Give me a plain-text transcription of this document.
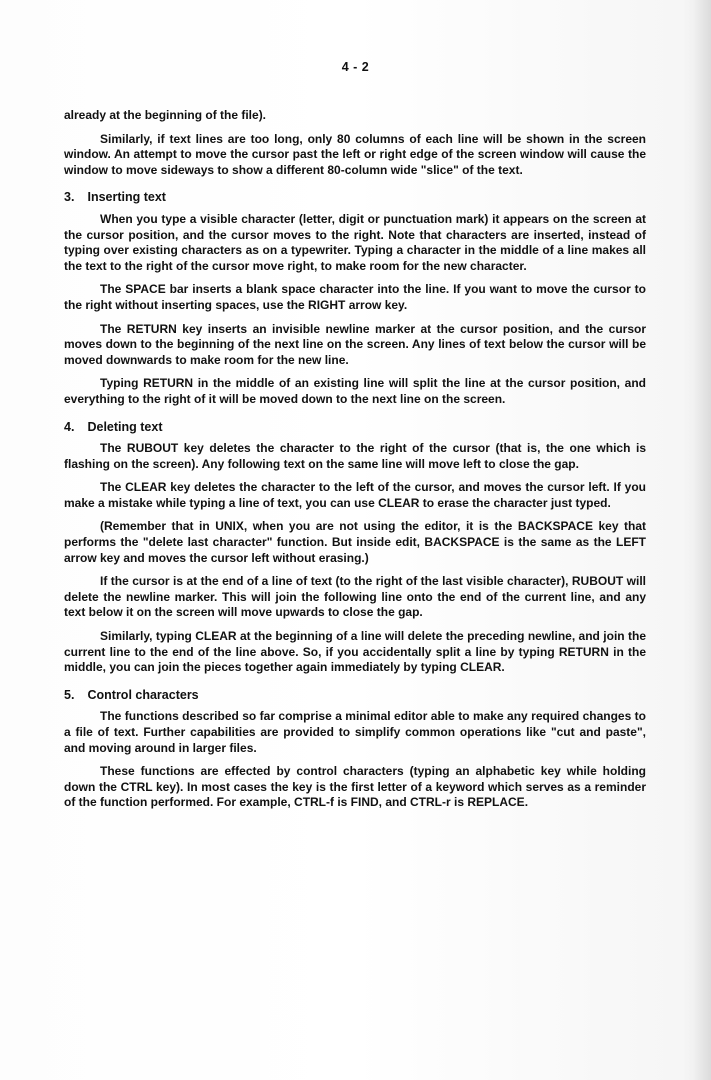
4 - 2

already at the beginning of the file).

Similarly, if text lines are too long, only 80 columns of each line will be shown in the screen window. An attempt to move the cursor past the left or right edge of the screen window will cause the window to move sideways to show a different 80-column wide "slice" of the text.

3. Inserting text

When you type a visible character (letter, digit or punctuation mark) it appears on the screen at the cursor position, and the cursor moves to the right. Note that characters are inserted, instead of typing over existing characters as on a typewriter. Typing a character in the middle of a line makes all the text to the right of the cursor move right, to make room for the new character.

The SPACE bar inserts a blank space character into the line. If you want to move the cursor to the right without inserting spaces, use the RIGHT arrow key.

The RETURN key inserts an invisible newline marker at the cursor position, and the cursor moves down to the beginning of the next line on the screen. Any lines of text below the cursor will be moved downwards to make room for the new line.

Typing RETURN in the middle of an existing line will split the line at the cursor position, and everything to the right of it will be moved down to the next line on the screen.

4. Deleting text

The RUBOUT key deletes the character to the right of the cursor (that is, the one which is flashing on the screen). Any following text on the same line will move left to close the gap.

The CLEAR key deletes the character to the left of the cursor, and moves the cursor left. If you make a mistake while typing a line of text, you can use CLEAR to erase the character just typed.

(Remember that in UNIX, when you are not using the editor, it is the BACKSPACE key that performs the "delete last character" function. But inside edit, BACKSPACE is the same as the LEFT arrow key and moves the cursor left without erasing.)

If the cursor is at the end of a line of text (to the right of the last visible character), RUBOUT will delete the newline marker. This will join the following line onto the end of the current line, and any text below it on the screen will move upwards to close the gap.

Similarly, typing CLEAR at the beginning of a line will delete the preceding newline, and join the current line to the end of the line above. So, if you accidentally split a line by typing RETURN in the middle, you can join the pieces together again immediately by typing CLEAR.

5. Control characters

The functions described so far comprise a minimal editor able to make any required changes to a file of text. Further capabilities are provided to simplify common operations like "cut and paste", and moving around in larger files.

These functions are effected by control characters (typing an alphabetic key while holding down the CTRL key). In most cases the key is the first letter of a keyword which serves as a reminder of the function performed. For example, CTRL-f is FIND, and CTRL-r is REPLACE.
